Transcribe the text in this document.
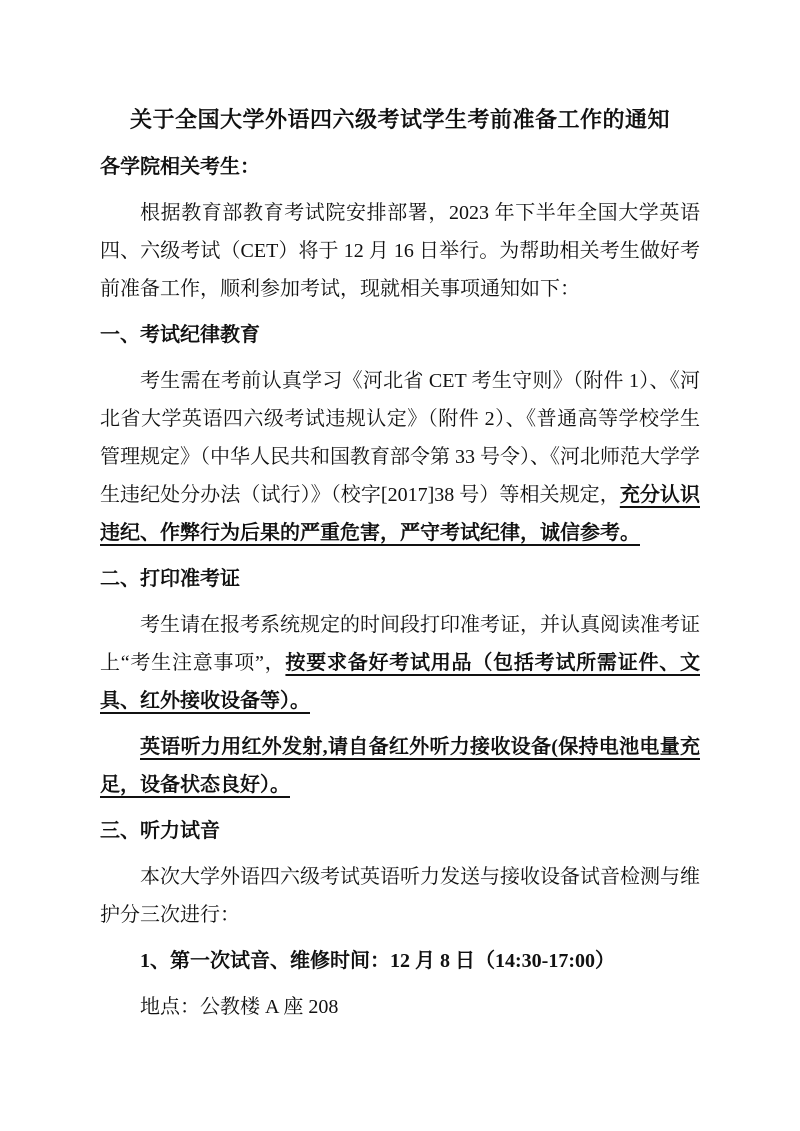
关于全国大学外语四六级考试学生考前准备工作的通知

各学院相关考生：

根据教育部教育考试院安排部署，2023 年下半年全国大学英语四、六级考试（CET）将于 12 月 16 日举行。为帮助相关考生做好考前准备工作，顺利参加考试，现就相关事项通知如下：

一、考试纪律教育

考生需在考前认真学习《河北省 CET 考生守则》（附件 1）、《河北省大学英语四六级考试违规认定》（附件 2）、《普通高等学校学生管理规定》（中华人民共和国教育部令第 33 号令）、《河北师范大学学生违纪处分办法（试行）》（校字[2017]38 号）等相关规定，充分认识违纪、作弊行为后果的严重危害，严守考试纪律，诚信参考。

二、打印准考证

考生请在报考系统规定的时间段打印准考证，并认真阅读准考证上“考生注意事项”，按要求备好考试用品（包括考试所需证件、文具、红外接收设备等）。

英语听力用红外发射,请自备红外听力接收设备(保持电池电量充足，设备状态良好）。

三、听力试音

本次大学外语四六级考试英语听力发送与接收设备试音检测与维护分三次进行：

1、第一次试音、维修时间：12 月 8 日（14:30-17:00）

地点：公教楼 A 座 208
